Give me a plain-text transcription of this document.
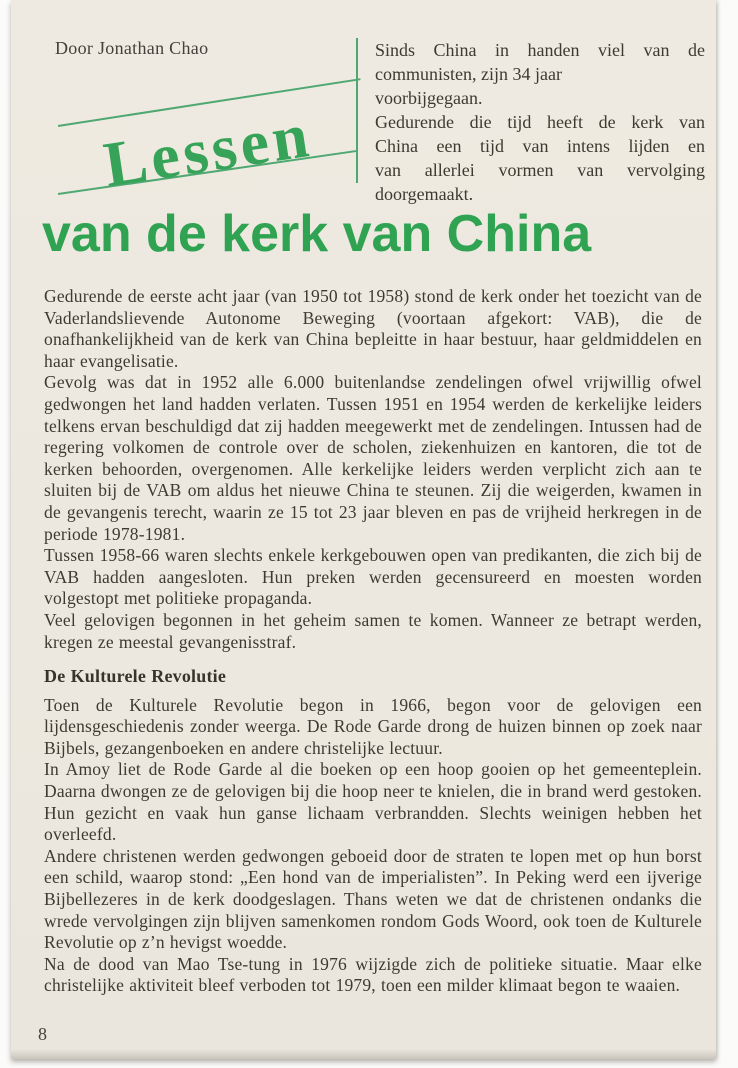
Door Jonathan Chao
Lessen
Sinds China in handen viel van de
communisten, zijn 34 jaar
voorbijgegaan.
Gedurende die tijd heeft de kerk van
China een tijd van intens lijden en
van allerlei vormen van vervolging
doorgemaakt.
van de kerk van China

Gedurende de eerste acht jaar (van 1950 tot 1958) stond de kerk onder het toezicht van de Vaderlandslievende Autonome Beweging (voortaan afgekort: VAB), die de onafhankelijkheid van de kerk van China bepleitte in haar bestuur, haar geldmiddelen en haar evangelisatie.

Gevolg was dat in 1952 alle 6.000 buitenlandse zendelingen ofwel vrijwillig ofwel gedwongen het land hadden verlaten. Tussen 1951 en 1954 werden de kerkelijke leiders telkens ervan beschuldigd dat zij hadden meegewerkt met de zendelingen. Intussen had de regering volkomen de controle over de scholen, ziekenhuizen en kantoren, die tot de kerken behoorden, overgenomen. Alle kerkelijke leiders werden verplicht zich aan te sluiten bij de VAB om aldus het nieuwe China te steunen. Zij die weigerden, kwamen in de gevangenis terecht, waarin ze 15 tot 23 jaar bleven en pas de vrijheid herkregen in de periode 1978-1981.

Tussen 1958-66 waren slechts enkele kerkgebouwen open van predikanten, die zich bij de VAB hadden aangesloten. Hun preken werden gecensureerd en moesten worden volgestopt met politieke propaganda.

Veel gelovigen begonnen in het geheim samen te komen. Wanneer ze betrapt werden, kregen ze meestal gevangenisstraf.

De Kulturele Revolutie

Toen de Kulturele Revolutie begon in 1966, begon voor de gelovigen een lijdensgeschiedenis zonder weerga. De Rode Garde drong de huizen binnen op zoek naar Bijbels, gezangenboeken en andere christelijke lectuur.

In Amoy liet de Rode Garde al die boeken op een hoop gooien op het gemeenteplein. Daarna dwongen ze de gelovigen bij die hoop neer te knielen, die in brand werd gestoken. Hun gezicht en vaak hun ganse lichaam verbrandden. Slechts weinigen hebben het overleefd.

Andere christenen werden gedwongen geboeid door de straten te lopen met op hun borst een schild, waarop stond: „Een hond van de imperialisten”. In Peking werd een ijverige Bijbellezeres in de kerk doodgeslagen. Thans weten we dat de christenen ondanks die wrede vervolgingen zijn blijven samenkomen rondom Gods Woord, ook toen de Kulturele Revolutie op z’n hevigst woedde.

Na de dood van Mao Tse-tung in 1976 wijzigde zich de politieke situatie. Maar elke christelijke aktiviteit bleef verboden tot 1979, toen een milder klimaat begon te waaien.

8
